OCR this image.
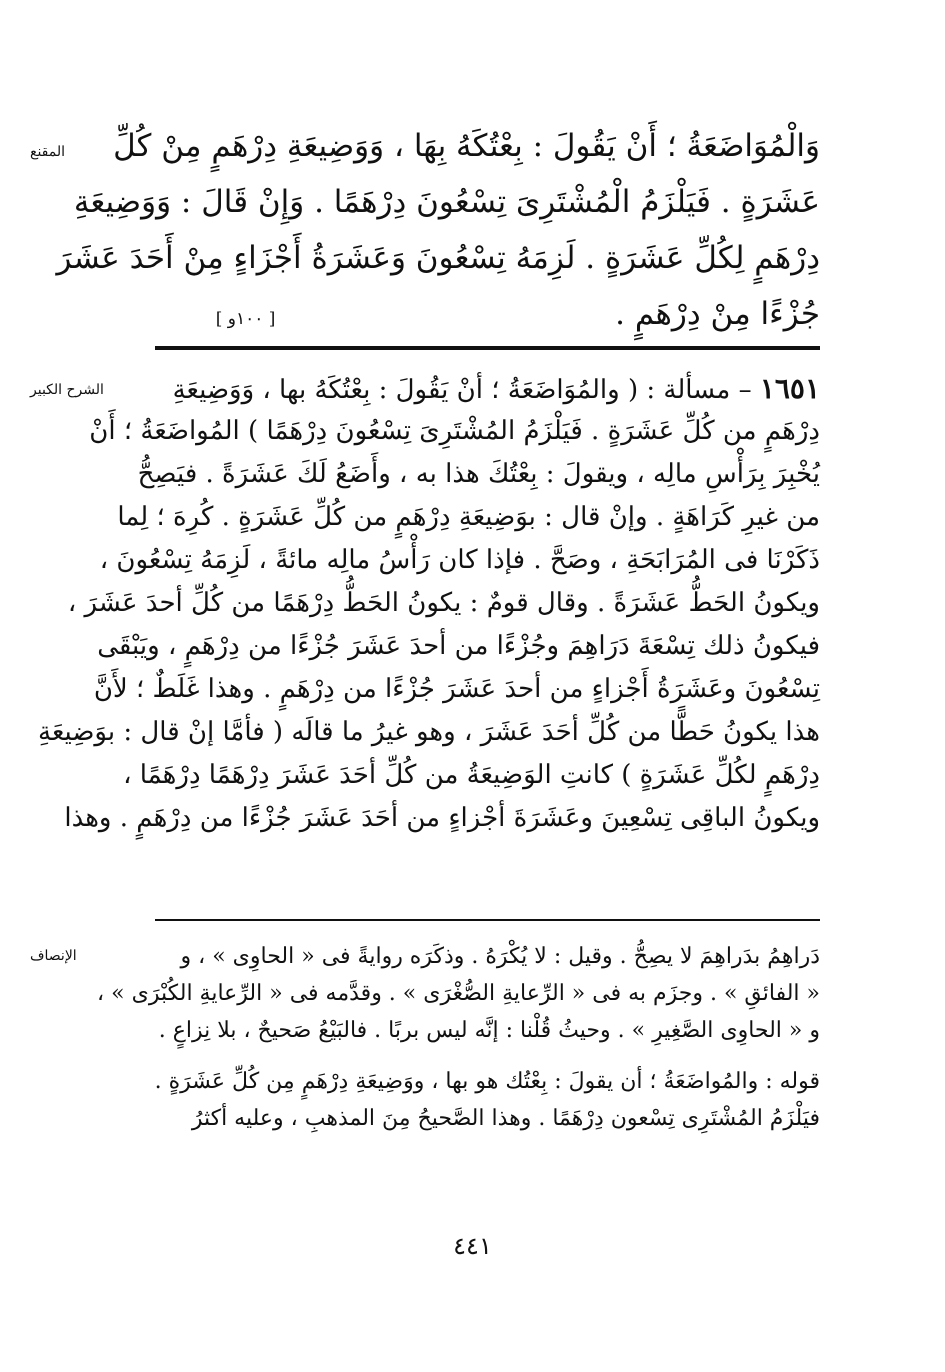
المقنع	وَالْمُوَاضَعَةُ ؛ أَنْ يَقُولَ : بِعْتُكَهُ بِهَا ، وَوَضِيعَةِ دِرْهَمٍ مِنْ كُلِّ
عَشَرَةٍ . فَيَلْزَمُ الْمُشْتَرِىَ تِسْعُونَ دِرْهَمًا . وَإِنْ قَالَ : وَوَضِيعَةِ
دِرْهَمٍ لِكُلِّ عَشَرَةٍ . لَزِمَهُ تِسْعُونَ وَعَشَرَةُ أَجْزَاءٍ مِنْ أَحَدَ عَشَرَ
جُزْءًا مِنْ دِرْهَمٍ .  [ ١٠٠و ]
الشرح الكبير	١٦٥١ – مسألة : ( والمُوَاضَعَةُ ؛ أنْ يَقُولَ : بِعْتُكَهُ بها ، وَوَضِيعَةِ
دِرْهَمٍ من كُلِّ عَشَرَةٍ . فَيَلْزَمُ المُشْتَرِىَ تِسْعُونَ دِرْهَمًا ) المُواضَعَةُ ؛ أَنْ
يُخْبِرَ بِرَأْسِ مالِه ، ويقولَ : بِعْتُكَ هذا به ، وأَضَعُ لَكَ عَشَرَةً . فيَصِحُّ
من غيرِ كَرَاهَةٍ . وإنْ قال : بوَضِيعَةِ دِرْهَمٍ من كُلِّ عَشَرَةٍ . كُرِهَ ؛ لِما
ذَكَرْنَا فى المُرَابَحَةِ ، وصَحَّ . فإذا كان رَأْسُ مالِه مائةً ، لَزِمَهُ تِسْعُونَ ،
ويكونُ الحَطُّ عَشَرَةً . وقال قومٌ : يكونُ الحَطُّ دِرْهَمًا من كُلِّ أحدَ عَشَرَ ،
فيكونُ ذلك تِسْعَةَ دَرَاهِمَ وجُزْءًا من أحدَ عَشَرَ جُزْءًا من دِرْهَمٍ ، ويَبْقَى
تِسْعُونَ وعَشَرَةُ أَجْزاءٍ من أحدَ عَشَرَ جُزْءًا من دِرْهَمٍ . وهذا غَلَطٌ ؛ لأَنَّ
هذا يكونُ حَطًّا من كُلِّ أحَدَ عَشَرَ ، وهو غيرُ ما قالَه ( فأمَّا إنْ قال : بوَضِيعَةِ
دِرْهَمٍ لكُلِّ عَشَرَةٍ ) كانتِ الوَضِيعَةُ من كُلِّ أحَدَ عَشَرَ دِرْهَمًا دِرْهَمًا ،
ويكونُ الباقِى تِسْعِينَ وعَشَرَةَ أجْزاءٍ من أحَدَ عَشَرَ جُزْءًا من دِرْهَمٍ . وهذا
الإنصاف	دَراهِمُ بدَراهِمَ لا يصِحُّ . وقيل : لا يُكْرَهُ . وذكَرَه روايةً فى « الحاوِى » ، و
« الفائقِ » . وجزَم به فى « الرِّعايةِ الصُّغْرَى » . وقدَّمه فى « الرِّعايةِ الكُبْرَى » ،
و « الحاوِى الصَّغِيرِ » . وحيثُ قُلْنا : إنَّه ليس بربًا . فالبَيْعُ صَحيحٌ ، بلا نِزاعٍ .
قوله : والمُواضَعَةُ ؛ أن يقولَ : بِعْتُك هو بها ، ووَضِيعَةِ دِرْهَمٍ مِن كُلِّ عَشَرَةٍ .
فيَلْزَمُ المُشْتَرِى تِسْعون دِرْهَمًا . وهذا الصَّحيحُ مِنَ المذهبِ ، وعليه أكثرُ
٤٤١
